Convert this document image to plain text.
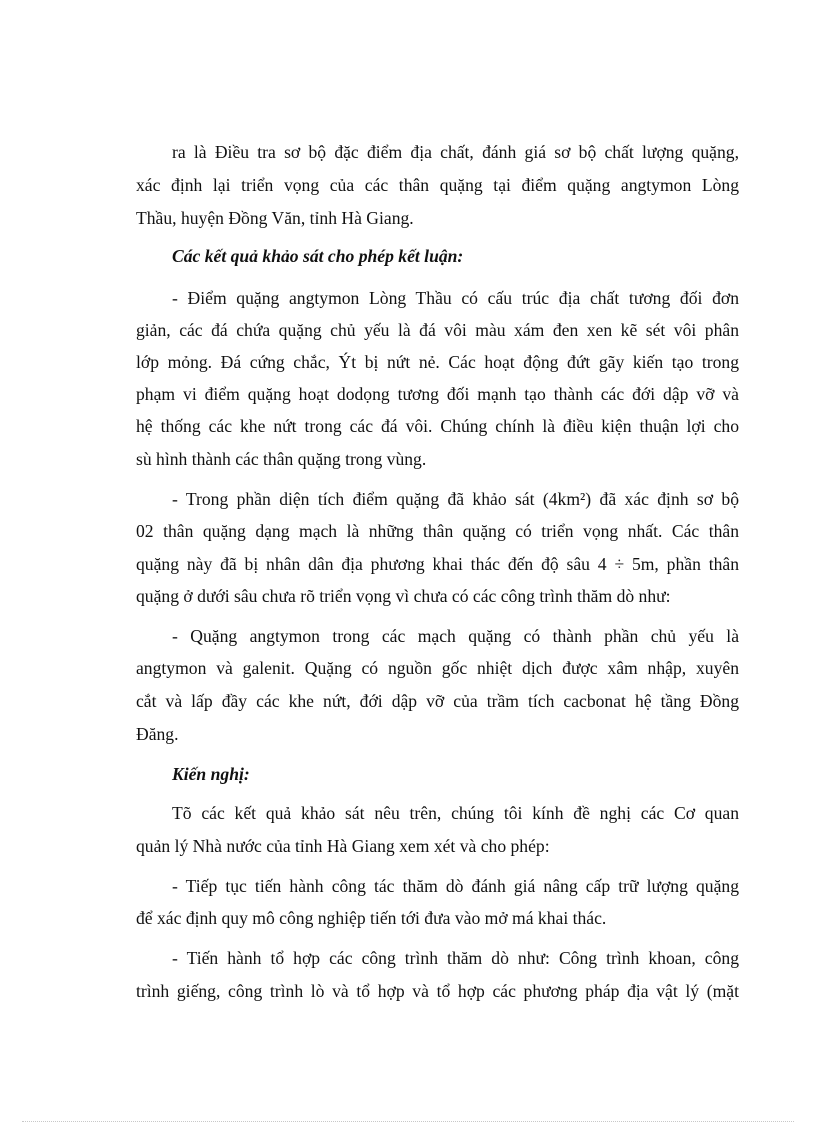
ra là Điều tra sơ bộ đặc điểm địa chất, đánh giá sơ bộ chất lượng quặng,
xác định lại triển vọng của các thân quặng tại điểm quặng angtymon Lòng
Thầu, huyện Đồng Văn, tỉnh Hà Giang.
Các kết quả khảo sát cho phép kết luận:
- Điểm quặng angtymon Lòng Thầu có cấu trúc địa chất tương đối đơn
giản, các đá chứa quặng chủ yếu là đá vôi màu xám đen xen kẽ sét vôi phân
lớp mỏng. Đá cứng chắc, Ýt bị nứt nẻ. Các hoạt động đứt gãy kiến tạo trong
phạm vi điểm quặng hoạt dodọng tương đối mạnh tạo thành các đới dập vỡ và
hệ thống các khe nứt trong các đá vôi. Chúng chính là điều kiện thuận lợi cho
sù hình thành các thân quặng trong vùng.
- Trong phần diện tích điểm quặng đã khảo sát (4km²) đã xác định sơ bộ
02 thân quặng dạng mạch là những thân quặng có triển vọng nhất. Các thân
quặng này đã bị nhân dân địa phương khai thác đến độ sâu 4 ÷ 5m, phần thân
quặng ở dưới sâu chưa rõ triển vọng vì chưa có các công trình thăm dò như:
- Quặng angtymon trong các mạch quặng có thành phần chủ yếu là
angtymon và galenit. Quặng có nguồn gốc nhiệt dịch được xâm nhập, xuyên
cắt và lấp đầy các khe nứt, đới dập vỡ của trầm tích cacbonat hệ tầng Đồng
Đăng.
Kiến nghị:
Tõ các kết quả khảo sát nêu trên, chúng tôi kính đề nghị các Cơ quan
quản lý Nhà nước của tỉnh Hà Giang xem xét và cho phép:
- Tiếp tục tiến hành công tác thăm dò đánh giá nâng cấp trữ lượng quặng
để xác định quy mô công nghiệp tiến tới đưa vào mở má khai thác.
- Tiến hành tổ hợp các công trình thăm dò như: Công trình khoan, công
trình giếng, công trình lò và tổ hợp và tổ hợp các phương pháp địa vật lý (mặt
